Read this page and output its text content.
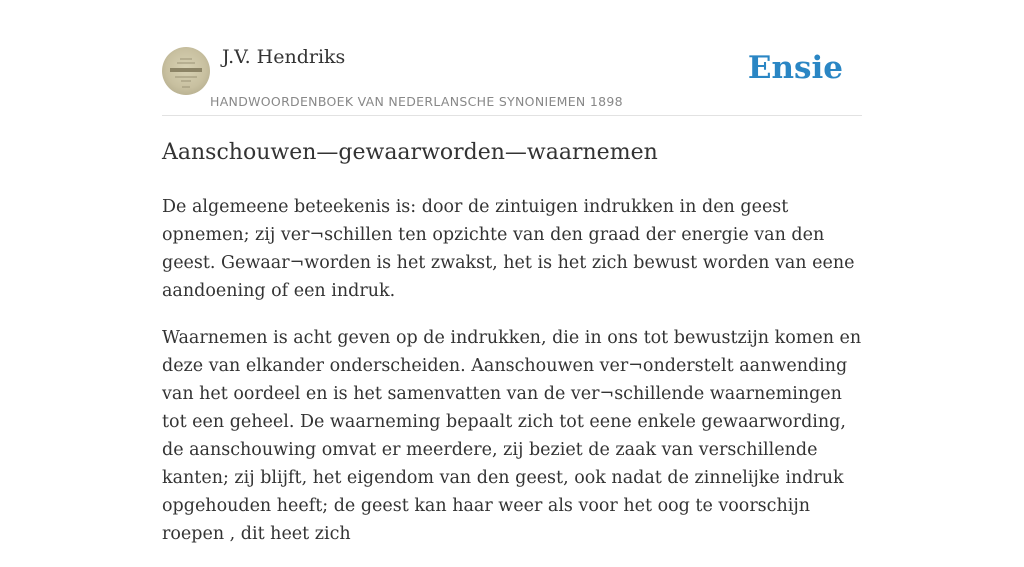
J.V. Hendriks
HANDWOORDENBOEK VAN NEDERLANSCHE SYNONIEMEN 1898
Ensie
Aanschouwen—gewaarworden—waarnemen

De algemeene beteekenis is: door de zintuigen indrukken in den geest opnemen; zij ver¬schillen ten opzichte van den graad der energie van den geest. Gewaar¬worden is het zwakst, het is het zich bewust worden van eene aandoening of een indruk.

Waarnemen is acht geven op de indrukken, die in ons tot bewustzijn komen en deze van elkander onderscheiden. Aanschouwen ver¬onderstelt aanwending van het oordeel en is het samenvatten van de ver¬schillende waarnemingen tot een geheel. De waarneming bepaalt zich tot eene enkele gewaarwording, de aanschouwing omvat er meerdere, zij beziet de zaak van verschillende kanten; zij blijft, het eigendom van den geest, ook nadat de zinnelijke indruk opgehouden heeft; de geest kan haar weer als voor het oog te voorschijn roepen , dit heet zich
